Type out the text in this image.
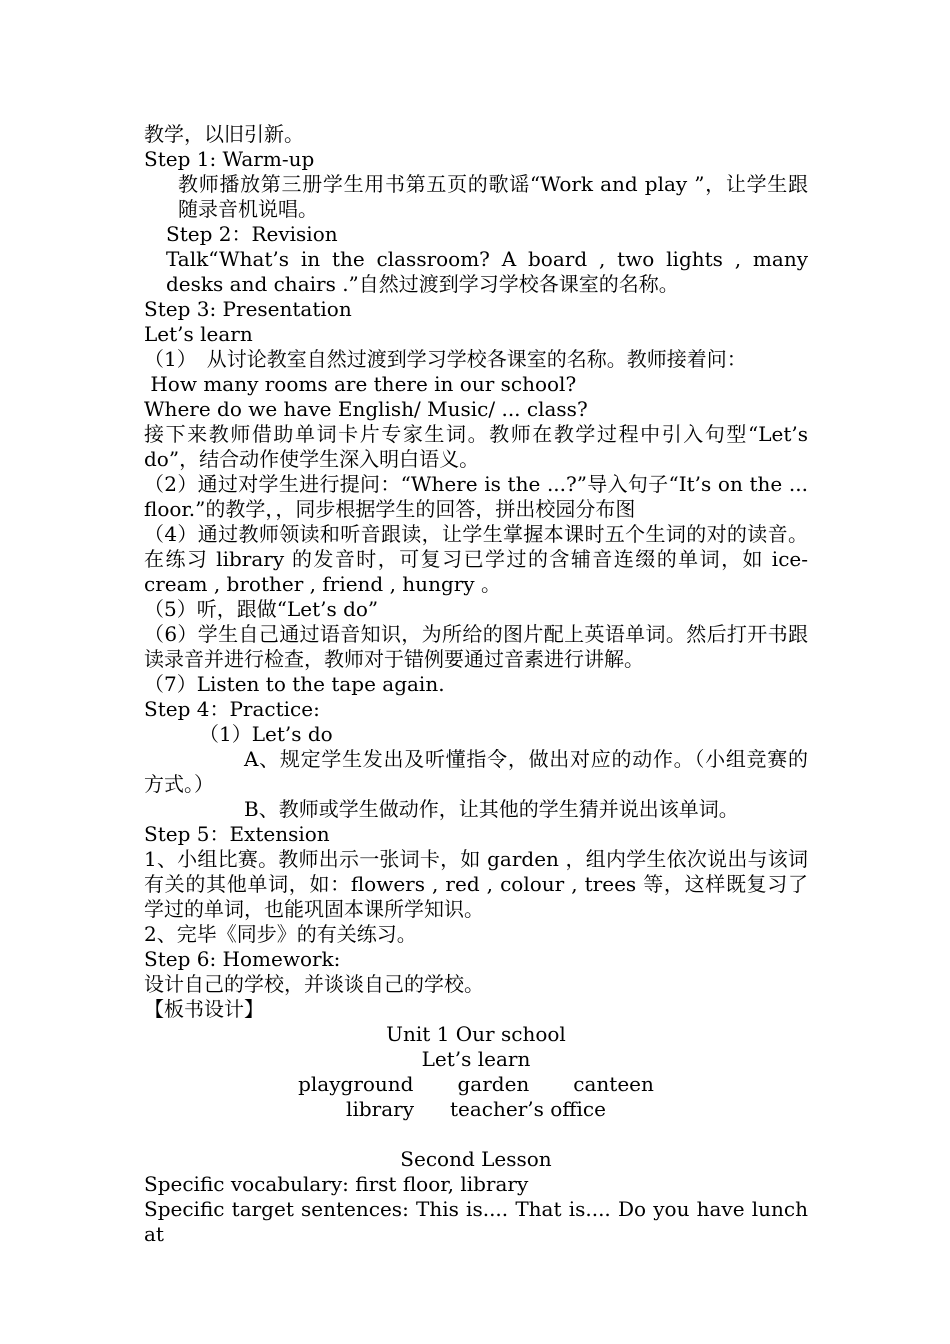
教学，以旧引新。

Step 1: Warm-up

教师播放第三册学生用书第五页的歌谣“Work and play ”，让学生跟随录音机说唱。

Step 2：Revision

Talk“What’s in the classroom? A board , two lights , many desks and chairs .”自然过渡到学习学校各课室的名称。

Step 3: Presentation

Let’s learn

（1）　从讨论教室自然过渡到学习学校各课室的名称。教师接着问：

How many rooms are there in our school?

Where do we have English/ Music/ ... class?

接下来教师借助单词卡片专家生词。教师在教学过程中引入句型“Let’s do”，结合动作使学生深入明白语义。

（2）通过对学生进行提问：“Where is the ...?”导入句子“It’s on the ... floor.”的教学，，同步根据学生的回答，拼出校园分布图

（4）通过教师领读和听音跟读，让学生掌握本课时五个生词的对的读音。在练习 library 的发音时，可复习已学过的含辅音连缀的单词，如 ice-cream , brother , friend , hungry 。

（5）听，跟做“Let’s do”

（6）学生自己通过语音知识，为所给的图片配上英语单词。然后打开书跟读录音并进行检查，教师对于错例要通过音素进行讲解。

（7）Listen to the tape again.

Step 4：Practice:

（1）Let’s do

A、规定学生发出及听懂指令，做出对应的动作。（小组竞赛的方式。）

B、教师或学生做动作，让其他的学生猜并说出该单词。

Step 5：Extension

1、小组比赛。教师出示一张词卡，如 garden ，组内学生依次说出与该词有关的其他单词，如：flowers , red , colour , trees 等，这样既复习了学过的单词，也能巩固本课所学知识。

2、完毕《同步》的有关练习。

Step 6: Homework:

设计自己的学校，并谈谈自己的学校。

【板书设计】

Unit 1 Our school

Let’s learn

playground garden canteen
library teacher’s office

Second Lesson

Specific vocabulary: first floor, library

Specific target sentences: This is.... That is.... Do you have lunch at
